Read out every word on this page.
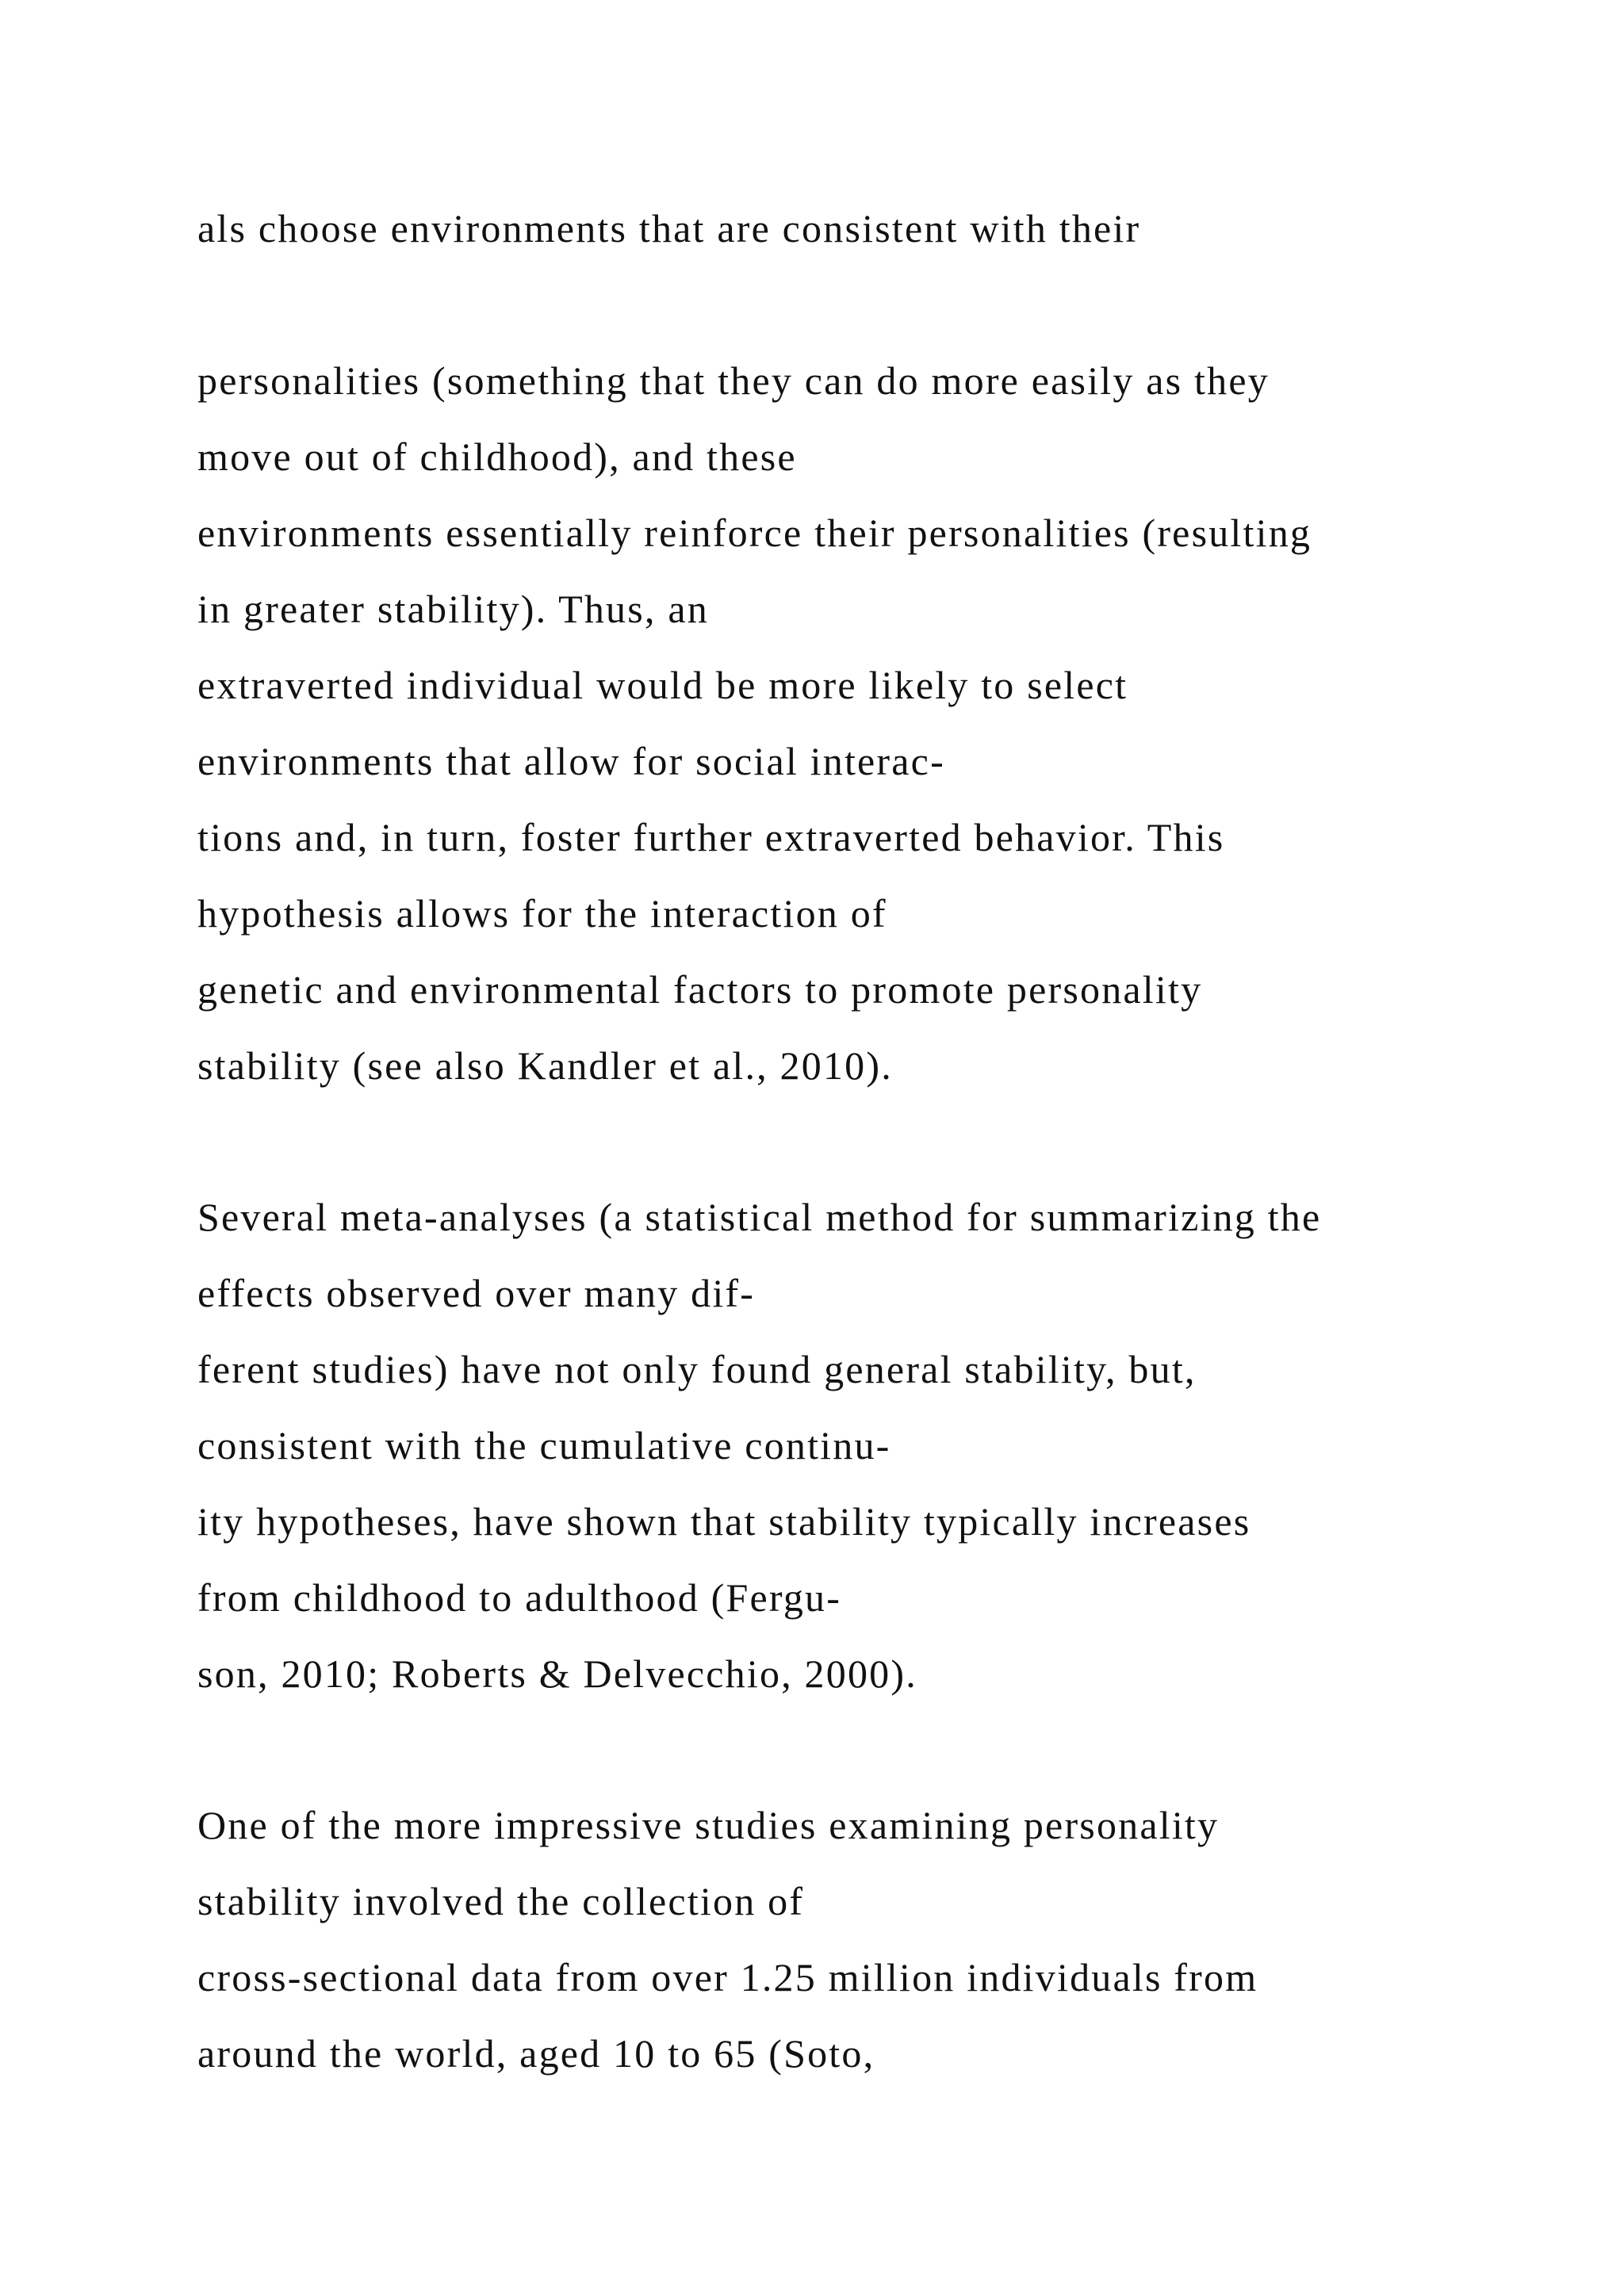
als choose environments that are consistent with their
personalities (something that they can do more easily as they
move out of childhood), and these
environments essentially reinforce their personalities (resulting
in greater stability). Thus, an
extraverted individual would be more likely to select
environments that allow for social interac-
tions and, in turn, foster further extraverted behavior. This
hypothesis allows for the interaction of
genetic and environmental factors to promote personality
stability (see also Kandler et al., 2010).
Several meta-analyses (a statistical method for summarizing the
effects observed over many dif-
ferent studies) have not only found general stability, but,
consistent with the cumulative continu-
ity hypotheses, have shown that stability typically increases
from childhood to adulthood (Fergu-
son, 2010; Roberts & Delvecchio, 2000).
One of the more impressive studies examining personality
stability involved the collection of
cross-sectional data from over 1.25 million individuals from
around the world, aged 10 to 65 (Soto,
